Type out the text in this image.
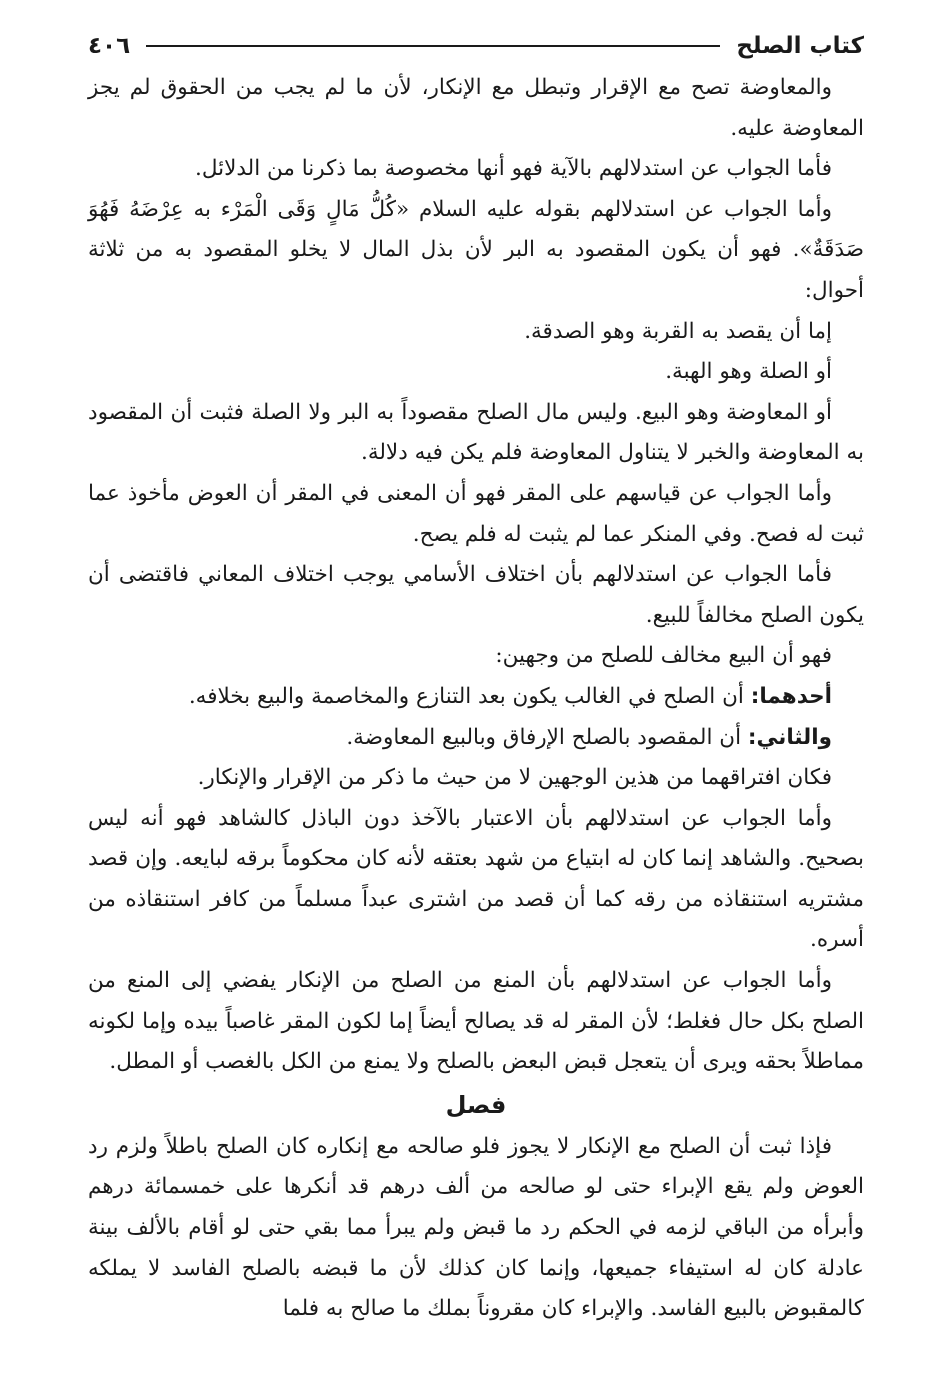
كتاب الصلح
٤٠٦

والمعاوضة تصح مع الإقرار وتبطل مع الإنكار، لأن ما لم يجب من الحقوق لم يجز المعاوضة عليه.

فأما الجواب عن استدلالهم بالآية فهو أنها مخصوصة بما ذكرنا من الدلائل.

وأما الجواب عن استدلالهم بقوله عليه السلام «كُلُّ مَالٍ وَقَى الْمَرْء به عِرْضَهُ فَهُوَ صَدَقَةٌ». فهو أن يكون المقصود به البر لأن بذل المال لا يخلو المقصود به من ثلاثة أحوال:

إما أن يقصد به القربة وهو الصدقة.

أو الصلة وهو الهبة.

أو المعاوضة وهو البيع. وليس مال الصلح مقصوداً به البر ولا الصلة فثبت أن المقصود به المعاوضة والخبر لا يتناول المعاوضة فلم يكن فيه دلالة.

وأما الجواب عن قياسهم على المقر فهو أن المعنى في المقر أن العوض مأخوذ عما ثبت له فصح. وفي المنكر عما لم يثبت له فلم يصح.

فأما الجواب عن استدلالهم بأن اختلاف الأسامي يوجب اختلاف المعاني فاقتضى أن يكون الصلح مخالفاً للبيع.

فهو أن البيع مخالف للصلح من وجهين:

أحدهما: أن الصلح في الغالب يكون بعد التنازع والمخاصمة والبيع بخلافه.

والثاني: أن المقصود بالصلح الإرفاق وبالبيع المعاوضة.

فكان افتراقهما من هذين الوجهين لا من حيث ما ذكر من الإقرار والإنكار.

وأما الجواب عن استدلالهم بأن الاعتبار بالآخذ دون الباذل كالشاهد فهو أنه ليس بصحيح. والشاهد إنما كان له ابتياع من شهد بعتقه لأنه كان محكوماً برقه لبايعه. وإن قصد مشتريه استنقاذه من رقه كما أن قصد من اشترى عبداً مسلماً من كافر استنقاذه من أسره.

وأما الجواب عن استدلالهم بأن المنع من الصلح من الإنكار يفضي إلى المنع من الصلح بكل حال فغلط؛ لأن المقر له قد يصالح أيضاً إما لكون المقر غاصباً بيده وإما لكونه مماطلاً بحقه ويرى أن يتعجل قبض البعض بالصلح ولا يمنع من الكل بالغصب أو المطل.

فصل

فإذا ثبت أن الصلح مع الإنكار لا يجوز فلو صالحه مع إنكاره كان الصلح باطلاً ولزم رد العوض ولم يقع الإبراء حتى لو صالحه من ألف درهم قد أنكرها على خمسمائة درهم وأبرأه من الباقي لزمه في الحكم رد ما قبض ولم يبرأ مما بقي حتى لو أقام بالألف بينة عادلة كان له استيفاء جميعها، وإنما كان كذلك لأن ما قبضه بالصلح الفاسد لا يملكه كالمقبوض بالبيع الفاسد. والإبراء كان مقروناً بملك ما صالح به فلما
